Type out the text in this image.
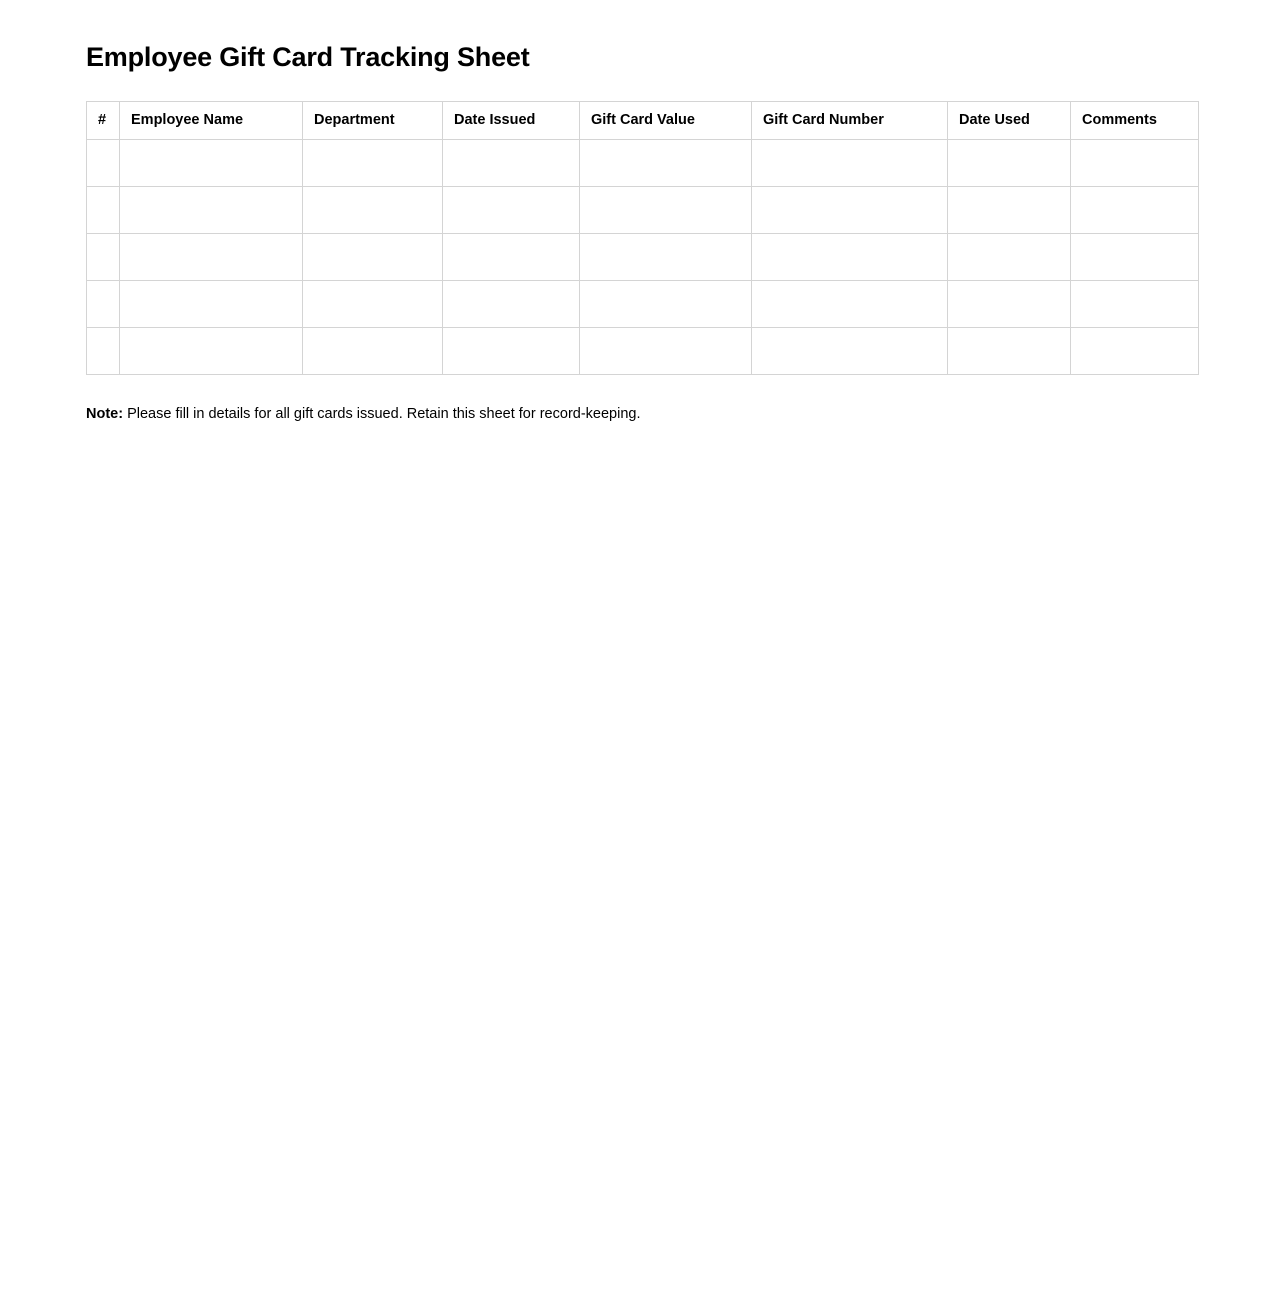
Employee Gift Card Tracking Sheet
#	Employee Name	Department	Date Issued	Gift Card Value	Gift Card Number	Date Used	Comments

Note: Please fill in details for all gift cards issued. Retain this sheet for record-keeping.
